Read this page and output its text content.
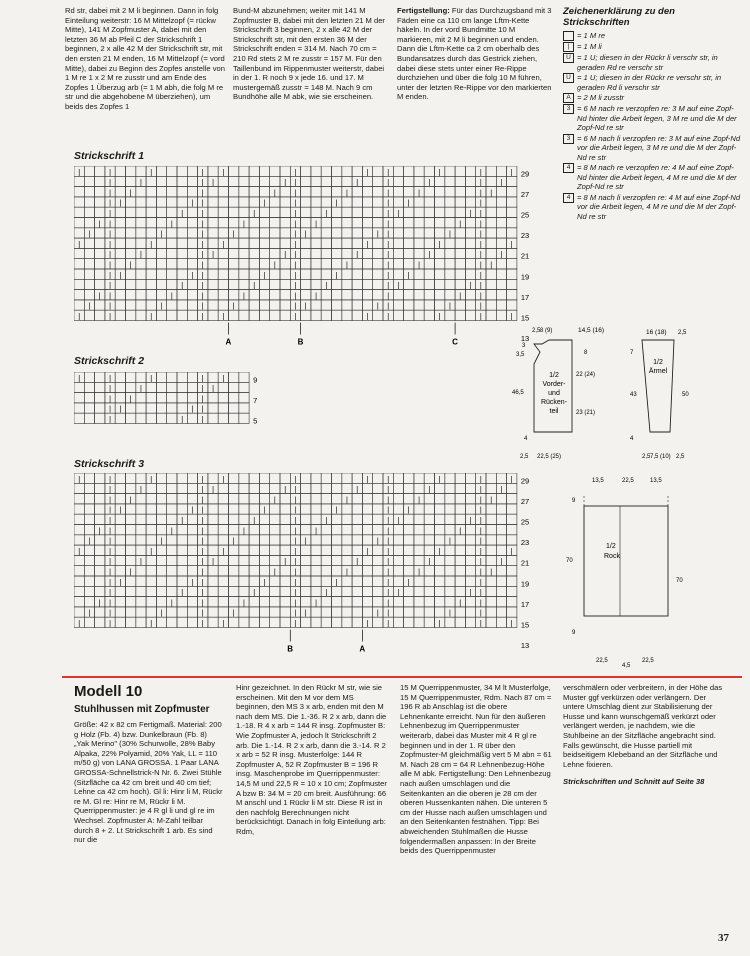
Rd str, dabei mit 2 M li beginnen. Dann in folg Einteilung weiterstr: 16 M Mittelzopf (= rückw Mitte), 141 M Zopfmuster A, dabei mit den letzten 36 M ab Pfeil C der Strickschrift 1 beginnen, 2 x alle 42 M der Strickschrift str, mit den ersten 21 M enden, 16 M Mittelzopf (= vord Mitte), dabei zu Beginn des Zopfes anstelle von 1 M re 1 x 2 M re zusstr und am Ende des Zopfes 1 Überzug arb (= 1 M abh, die folg M re str und die abgehobene M überziehen), um beids des Zopfes 1

Bund-M abzunehmen; weiter mit 141 M Zopfmuster B, dabei mit den letzten 21 M der Strickschrift 3 beginnen, 2 x alle 42 M der Strickschrift str, mit den ersten 36 M der Strickschrift enden = 314 M. Nach 70 cm = 210 Rd stets 2 M re zusstr = 157 M. Für den Taillenbund im Rippenmuster weiterstr, dabei in der 1. R noch 9 x jede 16. und 17. M mustergemäß zusstr = 148 M. Nach 9 cm Bundhöhe alle M abk, wie sie erscheinen.

Fertigstellung: Für das Durchzugsband mit 3 Fäden eine ca 110 cm lange Lftm-Kette häkeln. In der vord Bundmitte 10 M markieren, mit 2 M li beginnen und enden. Dann die Lftm-Kette ca 2 cm oberhalb des Bundansatzes durch das Gestrick ziehen, dabei diese stets unter einer Re-Rippe durchziehen und über die folg 10 M führen, unter der letzten Re-Rippe vor den markierten M enden.

Zeichenerklärung zu den Strickschriften
= 1 M re
|	= 1 M li
U = 1 U; diesen in der Rückr li verschr str, in geraden Rd re verschr str
U = 1 U; diesen in der Rückr re verschr str, in geraden Rd li verschr str
A = 2 M li zusstr
3 = 6 M nach re verzopfen re: 3 M auf eine Zopf-Nd hinter die Arbeit legen, 3 M re und die M der Zopf-Nd re str
3 = 6 M nach li verzopfen re: 3 M auf eine Zopf-Nd vor die Arbeit legen, 3 M re und die M der Zopf-Nd re str
4 = 8 M nach re verzopfen re: 4 M auf eine Zopf-Nd hinter die Arbeit legen, 4 M re und die M der Zopf-Nd re str
4 = 8 M nach li verzopfen re: 4 M auf eine Zopf-Nd vor die Arbeit legen, 4 M re und die M der Zopf-Nd re str
Strickschrift 1
Strickschrift 2
Strickschrift 3
|	|	|	|	|	|	|	|	|	|	|
|	|	| |	| |	|	|	|	|	|
|	|	|	|	|	|	|	|	| |
| |	| |	|	|	|	|	|	|
|	|	|	|	|	|	| |	| |
| |	|	|	|	|	|	|	|	|
|	|	|	|	|	| |	| |	|	|
|	|	|	|	|	|	|	|	|	|	|
|	|	| |	| |	|	|	|	|	|
|	|	|	|	|	|	|	|	| |
| |	| |	|	|	|	|	|	|
|	|	|	|	|	|	| |	| |
| |	|	|	|	|	|	|	|	|
|	|	|	|	|	| |	| |	|	|
|	|	|	|	|	|	|	|	|	|	|
29
27
25
23
21
19
17
15
13
A	B	C
|	|	|	|	|
|	|	| |
|	|	|
| |	| |
|	|	|
9
7
5
|	|	|	|	|	|	|	|	|	|	|
|	|	| |	| |	|	|	|	|	|
|	|	|	|	|	|	|	|	| |
| |	| |	|	|	|	|	|	|
|	|	|	|	|	|	| |	| |
| |	|	|	|	|	|	|	|	|
|	|	|	|	|	| |	| |	|	|
|	|	|	|	|	|	|	|	|	|	|
|	|	| |	| |	|	|	|	|	|
|	|	|	|	|	|	|	|	| |
| |	| |	|	|	|	|	|	|
|	|	|	|	|	|	| |	| |
| |	|	|	|	|	|	|	|	|
|	|	|	|	|	| |	| |	|	|
|	|	|	|	|	|	|	|	|	|	|
29
27
25
23
21
19
17
15
13
B	A
1/2
Vorder-
und
Rücken-
teil
14,5 (16)
2,5 8 (9)
3
3,5	8
22 (24)
46,5
23 (21)
4
22,5 (25)
2,5
1/2
Ärmel
16 (18) 2,5
7
43	50
4
7,5 (10)
2,5	2,5
1/2
Rock
13,5	22,5	13,5
9
70
70
9
22,5
4,5
22,5
Modell 10
Stuhlhussen mit Zopfmuster

Größe: 42 x 82 cm Fertigmaß. Material: 200 g Holz (Fb. 4) bzw. Dunkelbraun (Fb. 8) „Yak Merino" (30% Schurwolle, 28% Baby Alpaka, 22% Polyamid, 20% Yak, LL = 110 m/50 g) von LANA GROSSA. 1 Paar LANA GROSSA-Schnellstrick-N Nr. 6. Zwei Stühle (Sitzfläche ca 42 cm breit und 40 cm tief; Lehne ca 42 cm hoch). Gl li: Hinr li M, Rückr re M. Gl re: Hinr re M, Rückr li M. Querrippenmuster: je 4 R gl li und gl re im Wechsel. Zopfmuster A: M-Zahl teilbar durch 8 + 2. Lt Strickschrift 1 arb. Es sind nur die

Hinr gezeichnet. In den Rückr M str, wie sie erscheinen. Mit den M vor dem MS beginnen, den MS 3 x arb, enden mit den M nach dem MS. Die 1.-36. R 2 x arb, dann die 1.-18. R 4 x arb = 144 R insg. Zopfmuster B: Wie Zopfmuster A, jedoch lt Strickschrift 2 arb. Die 1.-14. R 2 x arb, dann die 3.-14. R 2 x arb = 52 R insg. Musterfolge: 144 R Zopfmuster A, 52 R Zopfmuster B = 196 R insg. Maschenprobe im Querrippenmuster: 14,5 M und 22,5 R = 10 x 10 cm; Zopfmuster A bzw B: 34 M = 20 cm breit. Ausführung: 66 M anschl und 1 Rückr li M str. Diese R ist in den nachfolg Berechnungen nicht berücksichtigt. Danach in folg Einteilung arb: Rdm,

15 M Querrippenmuster, 34 M lt Musterfolge, 15 M Querrippenmuster, Rdm. Nach 87 cm = 196 R ab Anschlag ist die obere Lehnenkante erreicht. Nun für den äußeren Lehnenbezug im Querrippenmuster weiterarb, dabei das Muster mit 4 R gl re beginnen und in der 1. R über den Zopfmuster-M gleichmäßig vert 5 M abn = 61 M. Nach 28 cm = 64 R Lehnenbezug-Höhe alle M abk. Fertigstellung: Den Lehnenbezug nach außen umschlagen und die Seitenkanten an die oberen je 28 cm der oberen Hussenkanten nähen. Die unteren 5 cm der Husse nach außen umschlagen und an den Seitenkanten festnähen. Tipp: Bei abweichenden Stuhlmaßen die Husse folgendermaßen anpassen: In der Breite beids des Querrippenmuster

verschmälern oder verbreitern, in der Höhe das Muster ggf verkürzen oder verlängern. Der untere Umschlag dient zur Stabilisierung der Husse und kann wunschgemäß verkürzt oder verlängert werden, je nachdem, wie die Stuhlbeine an der Sitzfläche angebracht sind. Falls gewünscht, die Husse partiell mit beidseitigem Klebeband an der Sitzfläche und Lehne fixieren.

Strickschriften und Schnitt auf Seite 38

37
